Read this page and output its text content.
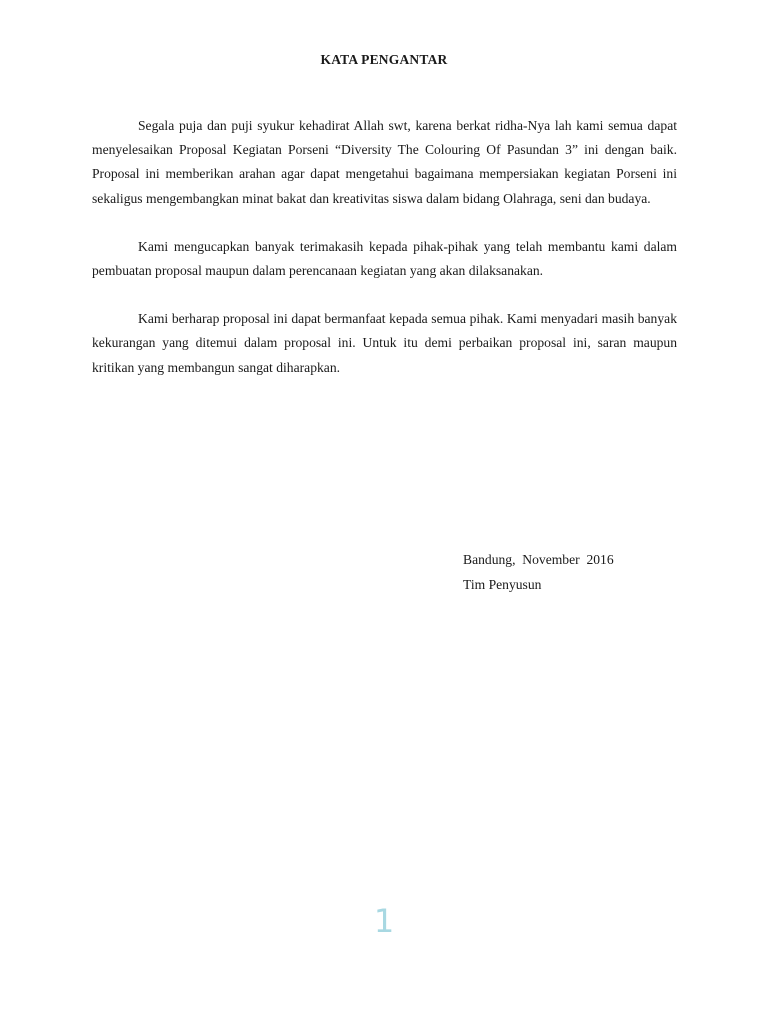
KATA PENGANTAR

Segala puja dan puji syukur kehadirat Allah swt, karena berkat ridha-Nya lah kami semua dapat menyelesaikan Proposal Kegiatan Porseni “Diversity The Colouring Of Pasundan 3” ini dengan baik. Proposal ini memberikan arahan agar dapat mengetahui bagaimana mempersiakan kegiatan Porseni ini sekaligus mengembangkan minat bakat dan kreativitas siswa dalam bidang Olahraga, seni dan budaya.

Kami mengucapkan banyak terimakasih kepada pihak-pihak yang telah membantu kami dalam pembuatan proposal maupun dalam perencanaan kegiatan yang akan dilaksanakan.

Kami berharap proposal ini dapat bermanfaat kepada semua pihak. Kami menyadari masih banyak kekurangan yang ditemui dalam proposal ini. Untuk itu demi perbaikan proposal ini, saran maupun kritikan yang membangun sangat diharapkan.

Bandung,  November  2016
Tim Penyusun
1
